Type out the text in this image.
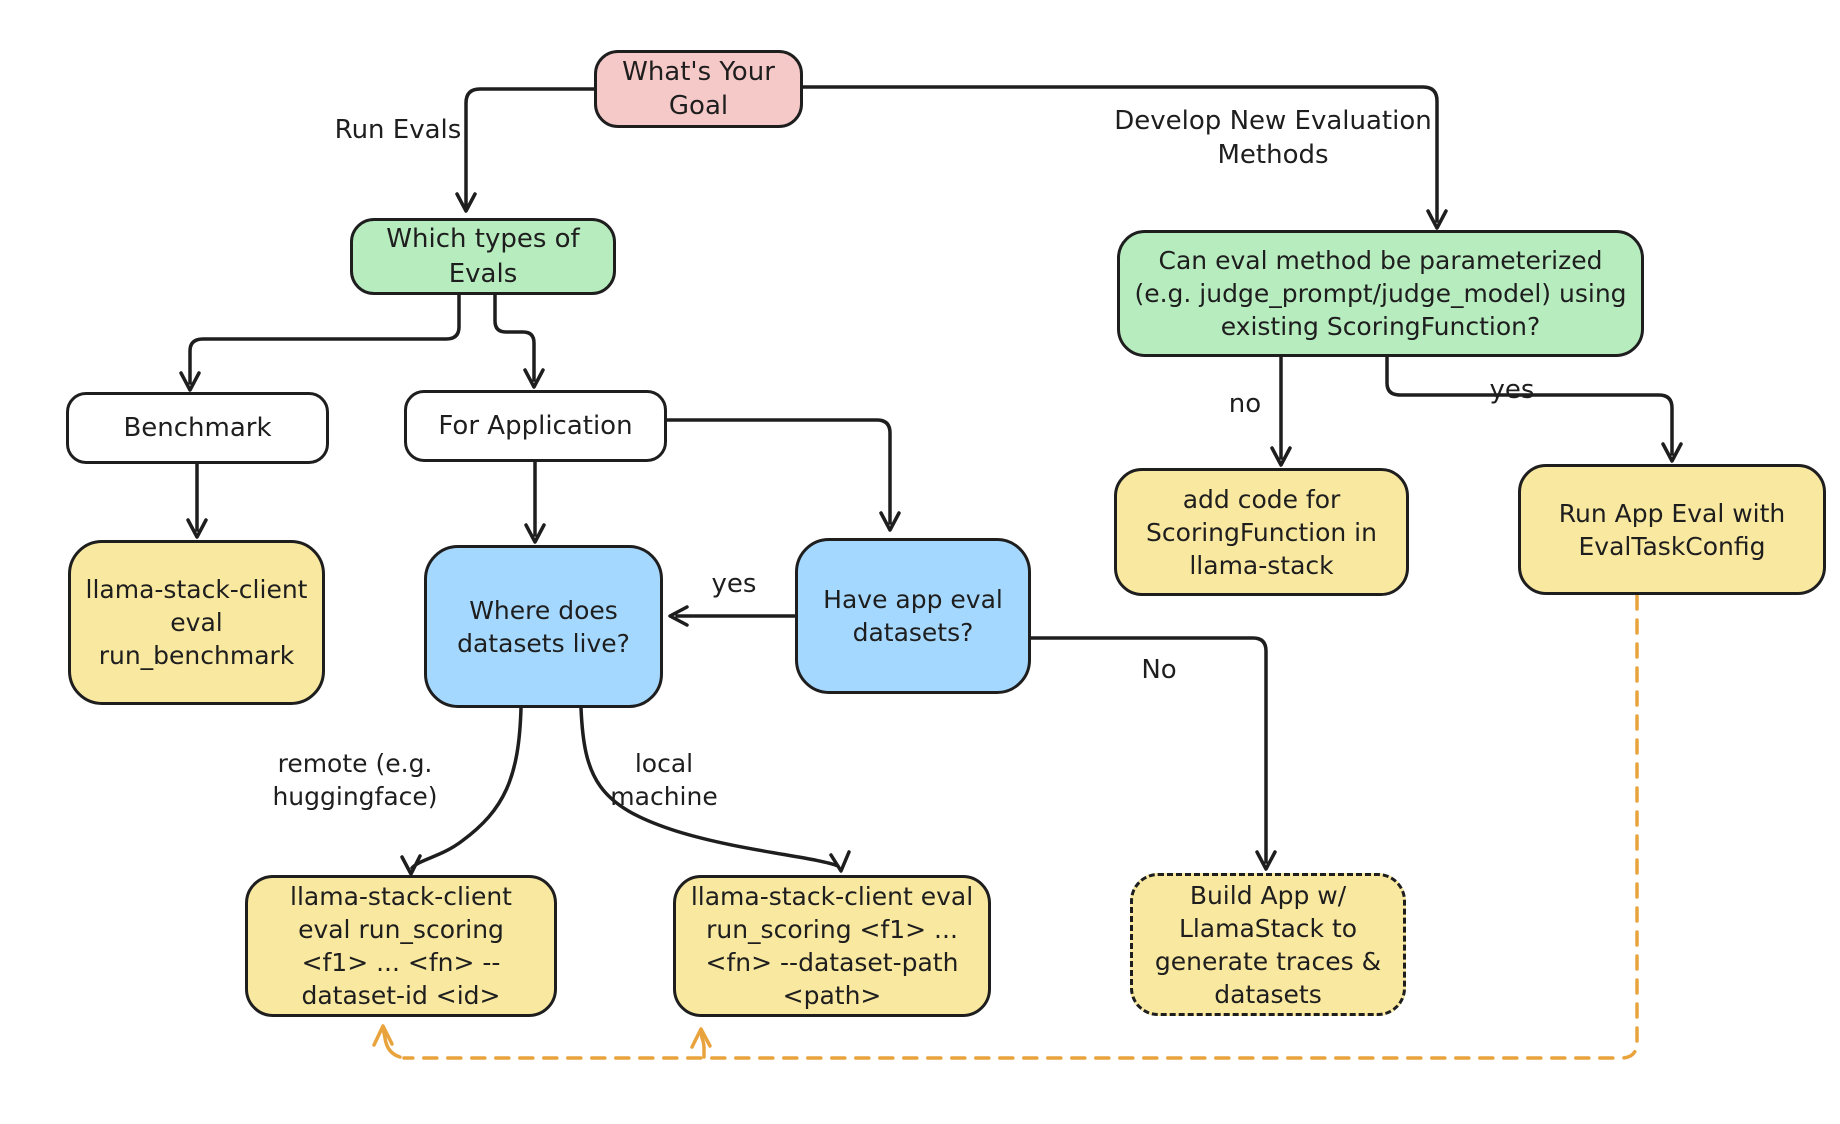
What's Your Goal
Which types of Evals	Can eval method be parameterized (e.g. judge_prompt/judge_model) using existing ScoringFunction?
Benchmark	For Application
llama-stack-client eval run_benchmark
Where does datasets live?
Have app eval datasets?
add code for ScoringFunction in llama-stack
Run App Eval with EvalTaskConfig
llama-stack-client eval run_scoring <f1> ... <fn> --dataset-id <id>
llama-stack-client eval run_scoring <f1> ... <fn> --dataset-path <path>
Build App w/ LlamaStack to generate traces & datasets
Run Evals	Develop New Evaluation Methods
no	yes
yes
No
remote (e.g. huggingface)
local machine
